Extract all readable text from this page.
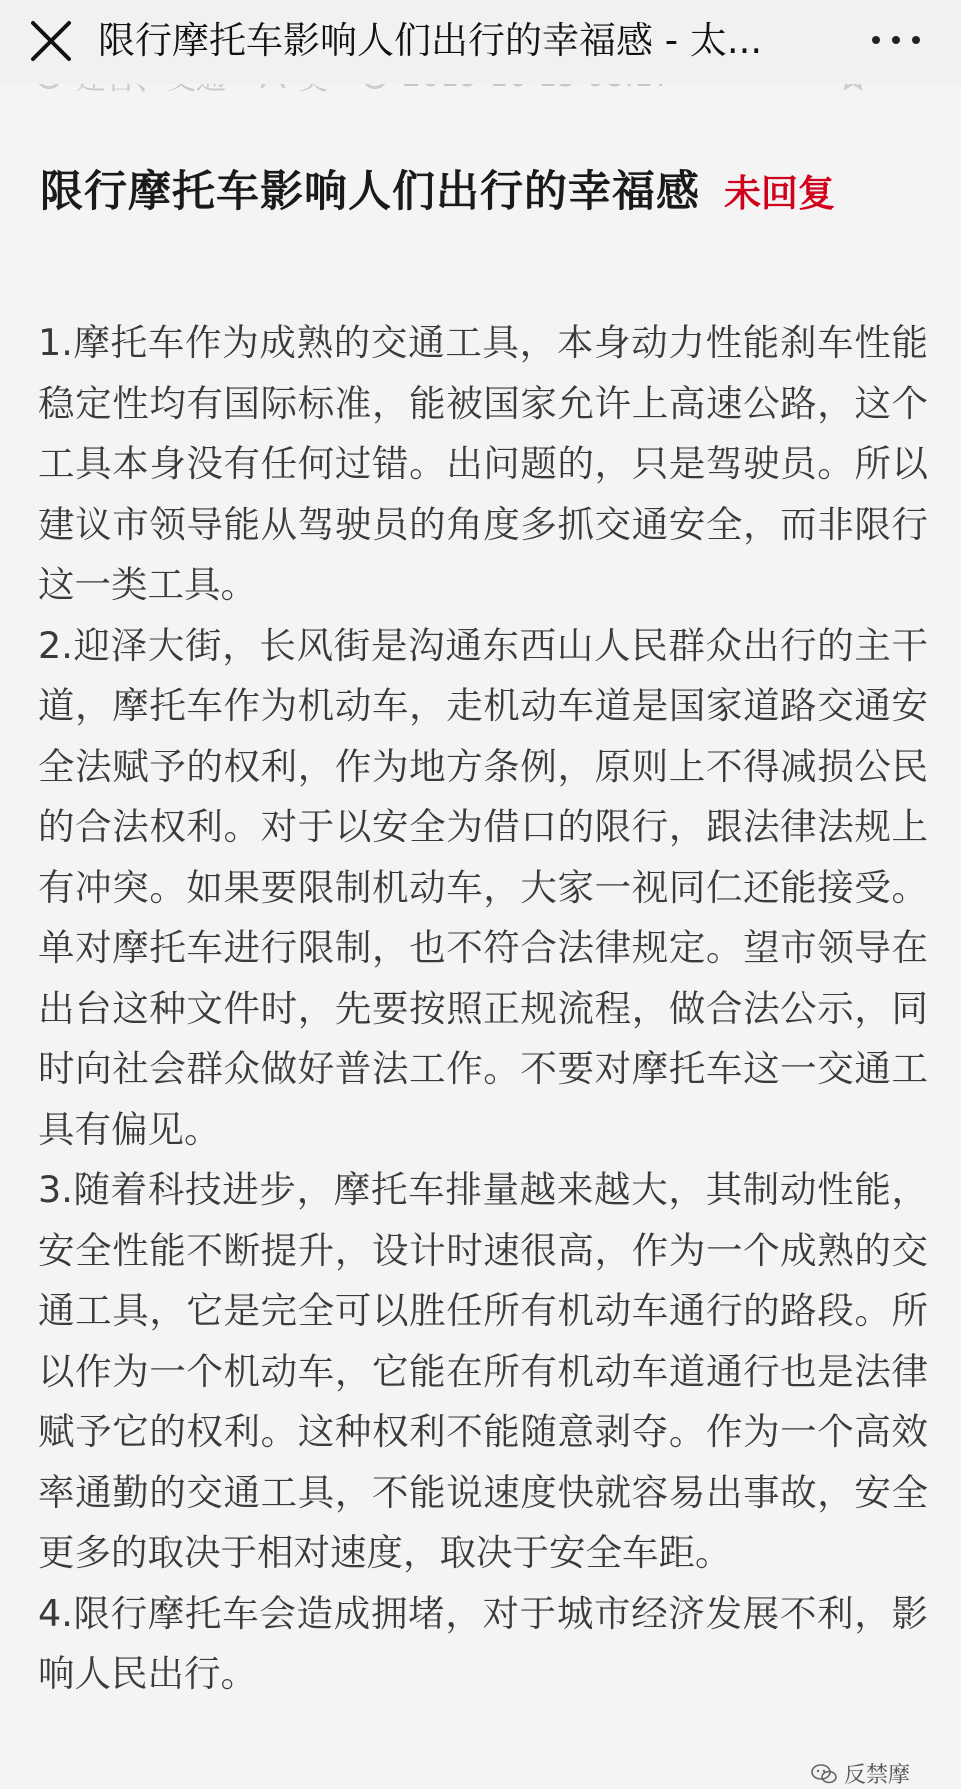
限行摩托车影响人们出行的幸福感 - 太...
限行摩托车影响人们出行的幸福感 未回复

1.摩托车作为成熟的交通工具，本身动力性能刹车性能稳定性均有国际标准，能被国家允许上高速公路，这个工具本身没有任何过错。出问题的，只是驾驶员。所以建议市领导能从驾驶员的角度多抓交通安全，而非限行这一类工具。

2.迎泽大街，长风街是沟通东西山人民群众出行的主干道，摩托车作为机动车，走机动车道是国家道路交通安全法赋予的权利，作为地方条例，原则上不得减损公民的合法权利。对于以安全为借口的限行，跟法律法规上有冲突。如果要限制机动车，大家一视同仁还能接受。单对摩托车进行限制，也不符合法律规定。望市领导在出台这种文件时，先要按照正规流程，做合法公示，同时向社会群众做好普法工作。不要对摩托车这一交通工具有偏见。

3.随着科技进步，摩托车排量越来越大，其制动性能，安全性能不断提升，设计时速很高，作为一个成熟的交通工具，它是完全可以胜任所有机动车通行的路段。所以作为一个机动车，它能在所有机动车道通行也是法律赋予它的权利。这种权利不能随意剥夺。作为一个高效率通勤的交通工具，不能说速度快就容易出事故，安全更多的取决于相对速度，取决于安全车距。

4.限行摩托车会造成拥堵，对于城市经济发展不利，影响人民出行。

反禁摩
